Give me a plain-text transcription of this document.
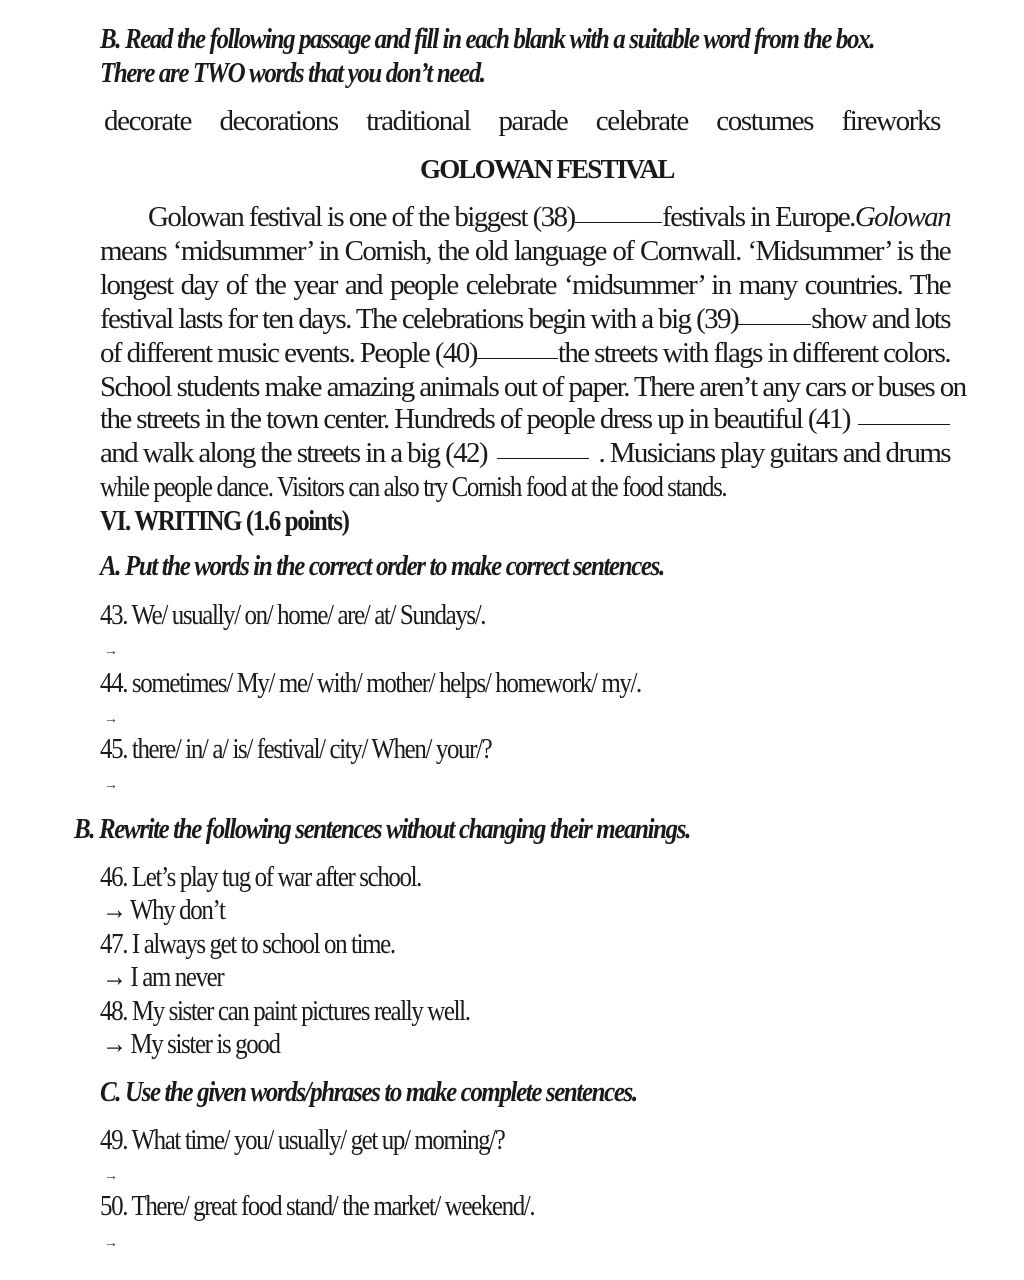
B. Read the following passage and fill in each blank with a suitable word from the box.
There are TWO words that you don’t need.
decorate decorations traditional parade celebrate costumes fireworks
GOLOWAN FESTIVAL
Golowan festival is one of the biggest (38)	festivals in Europe. Golowan
means ‘midsummer’ in Cornish, the old language of Cornwall. ‘Midsummer’ is the
longest day of the year and people celebrate ‘midsummer’ in many countries. The
festival lasts for ten days. The celebrations begin with a big (39)	show and lots
of different music events. People (40)	the streets with flags in different colors.
School students make amazing animals out of paper. There aren’t any cars or buses on
the streets in the town center. Hundreds of people dress up in beautiful (41)
and walk along the streets in a big (42)	. Musicians play guitars and drums
while people dance. Visitors can also try Cornish food at the food stands.
VI. WRITING (1.6 points)
A. Put the words in the correct order to make correct sentences.
43. We/ usually/ on/ home/ are/ at/ Sundays/.
→
44. sometimes/ My/ me/ with/ mother/ helps/ homework/ my/.
→
45. there/ in/ a/ is/ festival/ city/ When/ your/?
→
B. Rewrite the following sentences without changing their meanings.
46. Let’s play tug of war after school.
→ Why don’t
47. I always get to school on time.
→ I am never
48. My sister can paint pictures really well.
→ My sister is good
C. Use the given words/phrases to make complete sentences.
49. What time/ you/ usually/ get up/ morning/?
→
50. There/ great food stand/ the market/ weekend/.
→
